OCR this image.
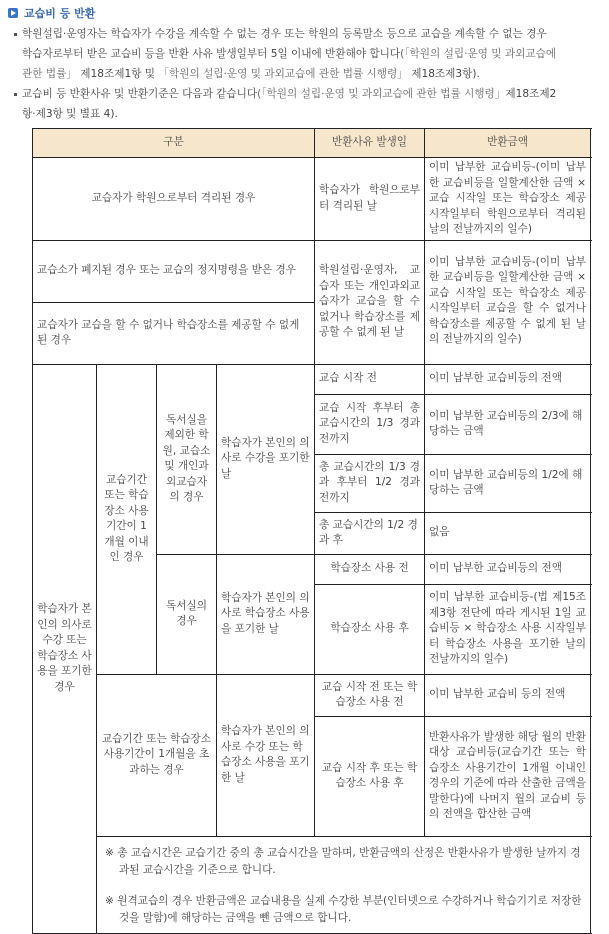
교습비 등 반환
학원설립·운영자는 학습자가 수강을 계속할 수 없는 경우 또는 학원의 등록말소 등으로 교습을 계속할 수 없는 경우
학습자로부터 받은 교습비 등을 반환 사유 발생일부터 5일 이내에 반환해야 합니다(「학원의 설립·운영 및 과외교습에
관한 법률」 제18조제1항 및 「학원의 설립·운영 및 과외교습에 관한 법률 시행령」 제18조제3항).
교습비 등 반환사유 및 반환기준은 다음과 같습니다(「학원의 설립·운영 및 과외교습에 관한 법률 시행령」제18조제2
항·제3항 및 별표 4).
구분				반환사유 발생일	반환금액
교습자가 학원으로부터 격리된 경우				학습자가 학원으로부터 격리된 날	이미 납부한 교습비등-(이미 납부한 교습비등을 일할계산한 금액 × 교습 시작일 또는 학습장소 제공 시작일부터 학원으로부터 격리된 날의 전날까지의 일수)
교습소가 폐지된 경우 또는 교습의 정지명령을 받은 경우				학원설립·운영자, 교습자 또는 개인과외교습자가 교습을 할 수 없거나 학습장소를 제공할 수 없게 된 날	이미 납부한 교습비등-(이미 납부한 교습비등을 일할계산한 금액 × 교습 시작일 또는 학습장소 제공 시작일부터 교습을 할 수 없거나 학습장소를 제공할 수 없게 된 날의 전날까지의 일수)
교습자가 교습을 할 수 없거나 학습장소를 제공할 수 없게 된 경우					
학습자가 본인의 의사로 수강 또는 학습장소 사용을 포기한 경우	교습기간 또는 학습장소 사용기간이 1개월 이내인 경우	독서실을 제외한 학원, 교습소 및 개인과외교습자의 경우	학습자가 본인의 의사로 수강을 포기한 날	교습 시작 전	이미 납부한 교습비등의 전액
				교습 시작 후부터 총 교습시간의 1/3 경과 전까지	이미 납부한 교습비등의 2/3에 해당하는 금액
				총 교습시간의 1/3 경과 후부터 1/2 경과 전까지	이미 납부한 교습비등의 1/2에 해당하는 금액
				총 교습시간의 1/2 경과 후	없음
		독서실의 경우	학습자가 본인의 의사로 학습장소 사용을 포기한 날	학습장소 사용 전	이미 납부한 교습비등의 전액
				학습장소 사용 후	이미 납부한 교습비등-(법 제15조제3항 전단에 따라 게시된 1일 교습비등 × 학습장소 사용 시작일부터 학습장소 사용을 포기한 날의 전날까지의 일수)
	교습기간 또는 학습장소 사용기간이 1개월을 초과하는 경우		학습자가 본인의 의사로 수강 또는 학습장소 사용을 포기한 날	교습 시작 전 또는 학습장소 사용 전	이미 납부한 교습비 등의 전액
				교습 시작 후 또는 학습장소 사용 후	반환사유가 발생한 해당 월의 반환 대상 교습비등(교습기간 또는 학습장소 사용기간이 1개월 이내인 경우의 기준에 따라 산출한 금액을 말한다)에 나머지 월의 교습비 등의 전액을 합산한 금액

	※ 총 교습시간은 교습기간 중의 총 교습시간을 말하며, 반환금액의 산정은 반환사유가 발생한 날까지 경과된 교습시간을 기준으로 합니다.

※ 원격교습의 경우 반환금액은 교습내용을 실제 수강한 부분(인터넷으로 수강하거나 학습기기로 저장한 것을 말함)에 해당하는 금액을 뺀 금액으로 합니다.				
